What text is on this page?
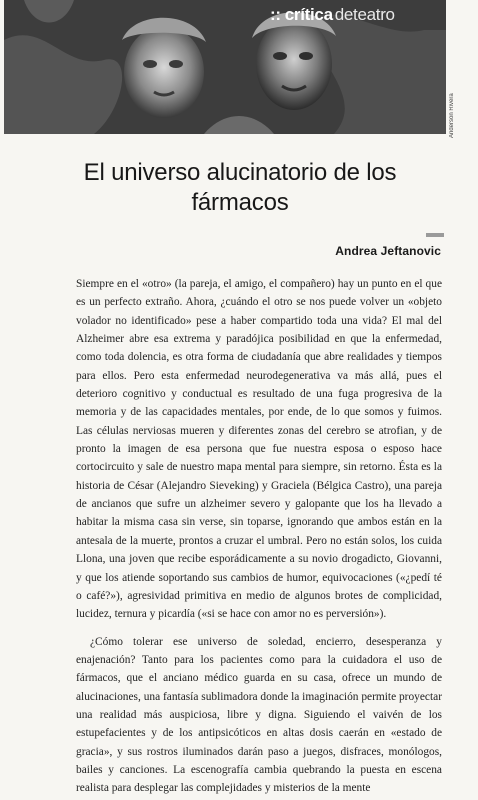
:: crítica deteatro
Anderson Rivera
El universo alucinatorio de los fármacos
Andrea Jeftanovic

Siempre en el «otro» (la pareja, el amigo, el compañero) hay un punto en el que es un perfecto extraño. Ahora, ¿cuándo el otro se nos puede volver un «objeto volador no identificado» pese a haber compartido toda una vida? El mal del Alzheimer abre esa extrema y paradójica posibilidad en que la enfermedad, como toda dolencia, es otra forma de ciudadanía que abre realidades y tiempos para ellos. Pero esta enfermedad neurodegenerativa va más allá, pues el deterioro cognitivo y conductual es resultado de una fuga progresiva de la memoria y de las capacidades mentales, por ende, de lo que somos y fuimos. Las células nerviosas mueren y diferentes zonas del cerebro se atrofian, y de pronto la imagen de esa persona que fue nuestra esposa o esposo hace cortocircuito y sale de nuestro mapa mental para siempre, sin retorno. Ésta es la historia de César (Alejandro Sieveking) y Graciela (Bélgica Castro), una pareja de ancianos que sufre un alzheimer severo y galopante que los ha llevado a habitar la misma casa sin verse, sin toparse, ignorando que ambos están en la antesala de la muerte, prontos a cruzar el umbral. Pero no están solos, los cuida Llona, una joven que recibe esporádicamente a su novio drogadicto, Giovanni, y que los atiende soportando sus cambios de humor, equivocaciones («¿pedí té o café?»), agresividad primitiva en medio de algunos brotes de complicidad, lucidez, ternura y picardía («si se hace con amor no es perversión»).

¿Cómo tolerar ese universo de soledad, encierro, desesperanza y enajenación? Tanto para los pacientes como para la cuidadora el uso de fármacos, que el anciano médico guarda en su casa, ofrece un mundo de alucinaciones, una fantasía sublimadora donde la imaginación permite proyectar una realidad más auspiciosa, libre y digna. Siguiendo el vaivén de los estupefacientes y de los antipsicóticos en altas dosis caerán en «estado de gracia», y sus rostros iluminados darán paso a juegos, disfraces, monólogos, bailes y canciones. La escenografía cambia quebrando la puesta en escena realista para desplegar las complejidades y misterios de la mente
